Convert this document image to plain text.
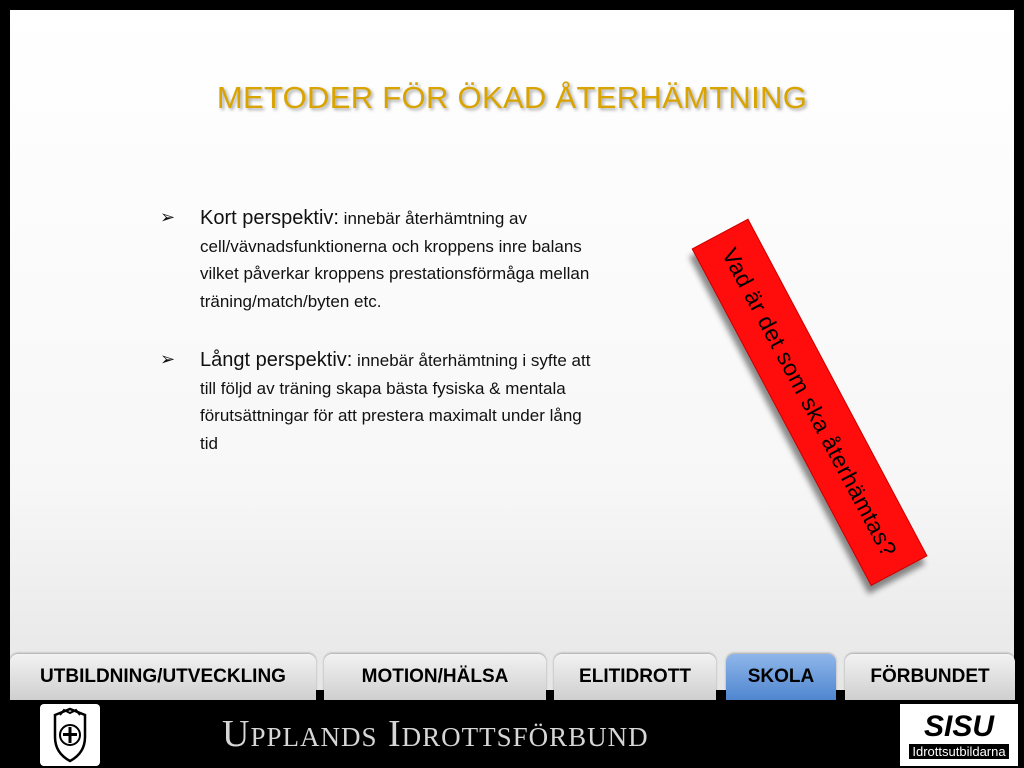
METODER FÖR ÖKAD ÅTERHÄMTNING
➢	Kort perspektiv: innebär återhämtning av cell/vävnadsfunktionerna och kroppens inre balans vilket påverkar kroppens prestationsförmåga mellan träning/match/byten etc.
➢	Långt perspektiv: innebär återhämtning i syfte att till följd av träning skapa bästa fysiska & mentala förutsättningar för att prestera maximalt under lång tid	Vad är det som ska återhämtas?
UTBILDNING/UTVECKLING	MOTION/HÄLSA	ELITIDROTT	SKOLA	FÖRBUNDET
Upplands Idrottsförbund	SISU
Idrottsutbildarna
